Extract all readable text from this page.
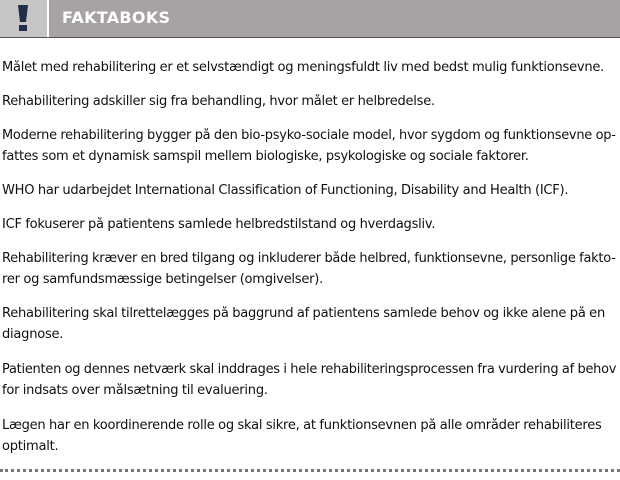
FAKTABOKS
Målet med rehabilitering er et selvstændigt og meningsfuldt liv med bedst mulig funktionsevne.
Rehabilitering adskiller sig fra behandling, hvor målet er helbredelse.
Moderne rehabilitering bygger på den bio-psyko-sociale model, hvor sygdom og funktionsevne op-
fattes som et dynamisk samspil mellem biologiske, psykologiske og sociale faktorer.
WHO har udarbejdet International Classification of Functioning, Disability and Health (ICF).
ICF fokuserer på patientens samlede helbredstilstand og hverdagsliv.
Rehabilitering kræver en bred tilgang og inkluderer både helbred, funktionsevne, personlige fakto-
rer og samfundsmæssige betingelser (omgivelser).
Rehabilitering skal tilrettelægges på baggrund af patientens samlede behov og ikke alene på en
diagnose.
Patienten og dennes netværk skal inddrages i hele rehabiliteringsprocessen fra vurdering af behov
for indsats over målsætning til evaluering.
Lægen har en koordinerende rolle og skal sikre, at funktionsevnen på alle områder rehabiliteres
optimalt.
